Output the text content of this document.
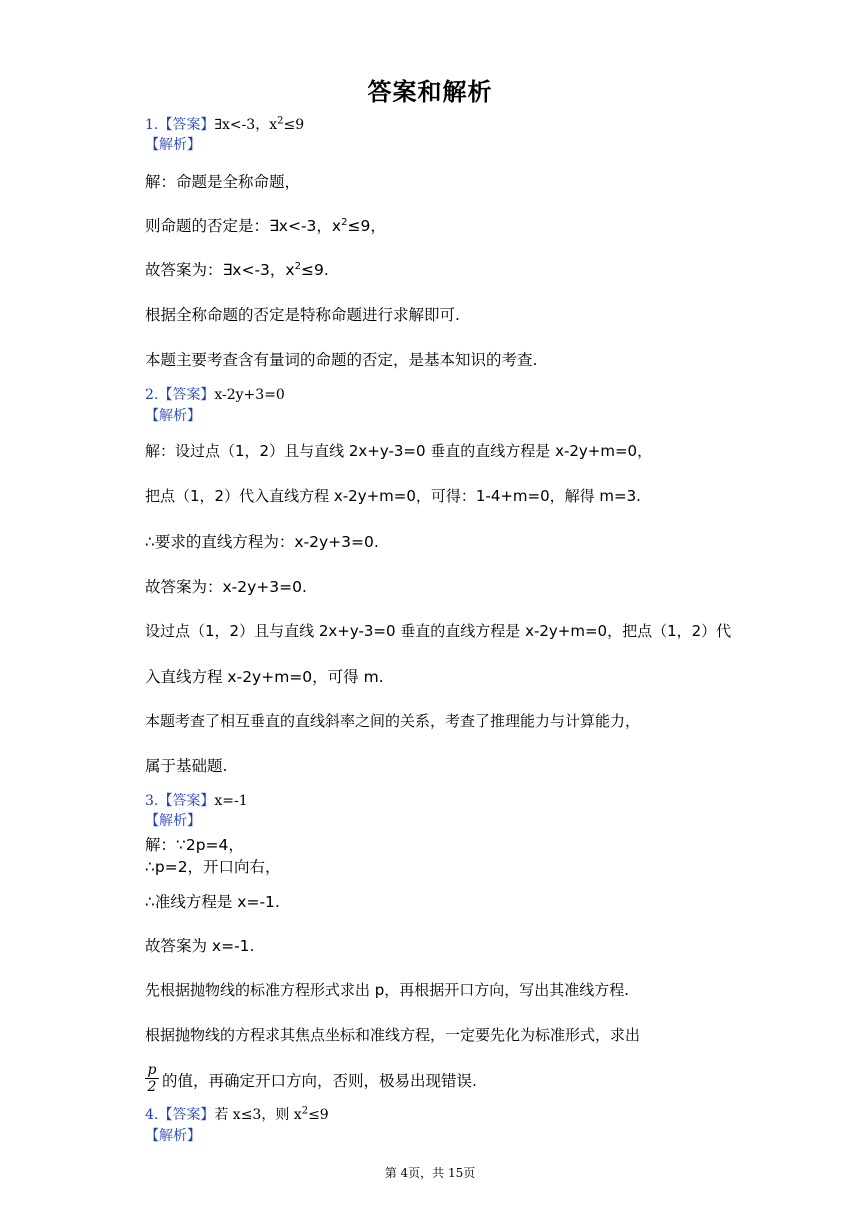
答案和解析
1.【答案】∃x<-3，$x^2\le 9$
【解析】
解：命题是全称命题，
则命题的否定是：∃x<-3，$x^2\le 9$，
故答案为：∃x<-3，$x^2\le 9$.
根据全称命题的否定是特称命题进行求解即可.
本题主要考查含有量词的命题的否定，是基本知识的考查.
2.【答案】x-2y+3=0
【解析】
解：设过点（1，2）且与直线 2x+y-3=0 垂直的直线方程是 x-2y+m=0，
把点（1，2）代入直线方程 x-2y+m=0，可得：1-4+m=0，解得 m=3.
∴要求的直线方程为：x-2y+3=0.
故答案为：x-2y+3=0.
设过点（1，2）且与直线 2x+y-3=0 垂直的直线方程是 x-2y+m=0，把点（1，2）代
入直线方程 x-2y+m=0，可得 m.
本题考查了相互垂直的直线斜率之间的关系，考查了推理能力与计算能力，
属于基础题.
3.【答案】x=-1
【解析】
解：∵2p=4，
∴p=2，开口向右，
∴准线方程是 x=-1.
故答案为 x=-1.
先根据抛物线的标准方程形式求出 p，再根据开口方向，写出其准线方程.
根据抛物线的方程求其焦点坐标和准线方程，一定要先化为标准形式，求出
$\frac{p}{2}$ 的值，再确定开口方向，否则，极易出现错误.
4.【答案】若 x≤3，则 $x^2\le 9$
【解析】
第 4页，共 15页
